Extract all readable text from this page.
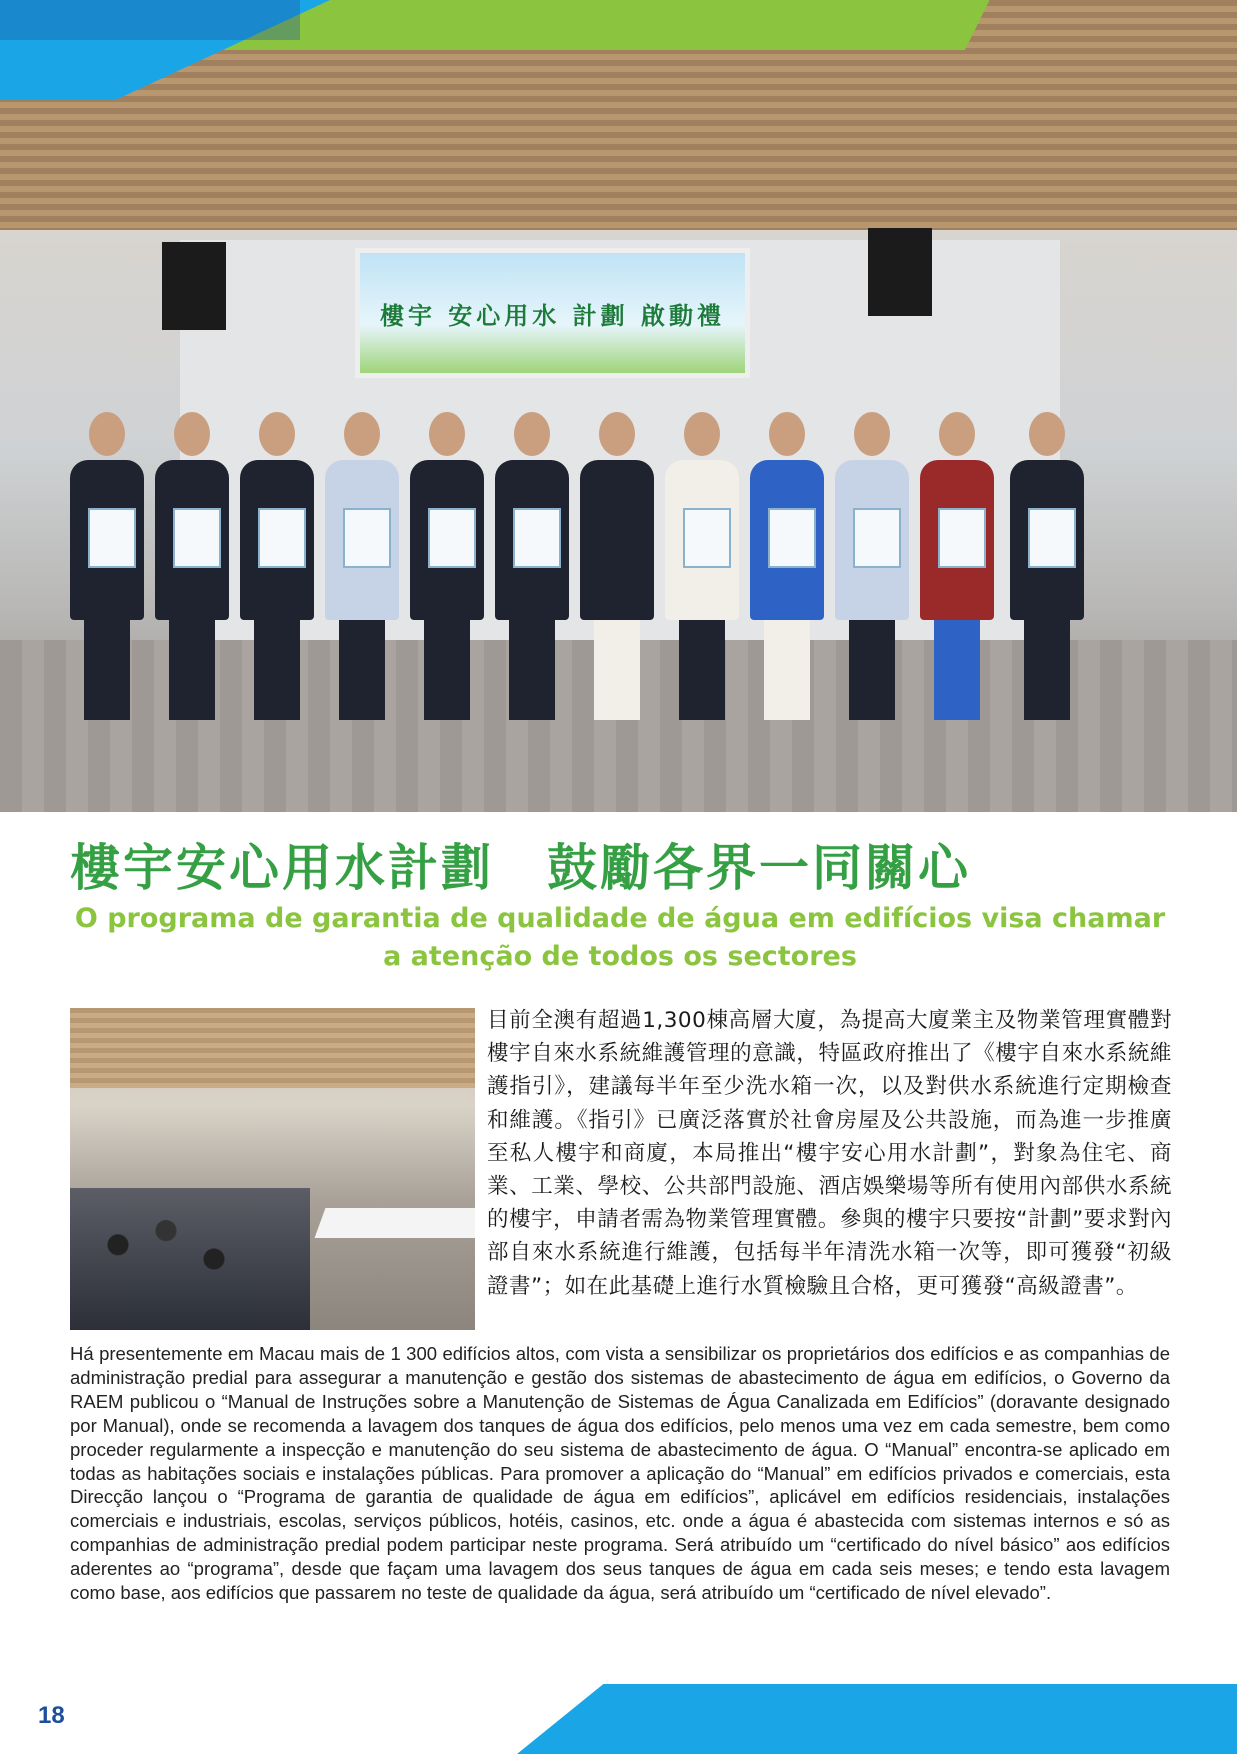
樓宇 安心用水 計劃 啟動禮
樓宇安心用水計劃　鼓勵各界一同關心
O programa de garantia de qualidade de água em edifícios visa chamar a atenção de todos os sectores
目前全澳有超過1,300棟高層大廈，為提高大廈業主及物業管理實體對樓宇自來水系統維護管理的意識，特區政府推出了《樓宇自來水系統維護指引》，建議每半年至少洗水箱一次，以及對供水系統進行定期檢查和維護。《指引》已廣泛落實於社會房屋及公共設施，而為進一步推廣至私人樓宇和商廈，本局推出“樓宇安心用水計劃”，對象為住宅、商業、工業、學校、公共部門設施、酒店娛樂場等所有使用內部供水系統的樓宇，申請者需為物業管理實體。參與的樓宇只要按“計劃”要求對內部自來水系統進行維護，包括每半年清洗水箱一次等，即可獲發“初級證書”；如在此基礎上進行水質檢驗且合格，更可獲發“高級證書”。
Há presentemente em Macau mais de 1 300 edifícios altos, com vista a sensibilizar os proprietários dos edifícios e as companhias de administração predial para assegurar a manutenção e gestão dos sistemas de abastecimento de água em edifícios, o Governo da RAEM publicou o “Manual de Instruções sobre a Manutenção de Sistemas de Água Canalizada em Edifícios” (doravante designado por Manual), onde se recomenda a lavagem dos tanques de água dos edifícios, pelo menos uma vez em cada semestre, bem como proceder regularmente a inspecção e manutenção do seu sistema de abastecimento de água. O “Manual” encontra-se aplicado em todas as habitações sociais e instalações públicas. Para promover a aplicação do “Manual” em edifícios privados e comerciais, esta Direcção lançou o “Programa de garantia de qualidade de água em edifícios”, aplicável em edifícios residenciais, instalações comerciais e industriais, escolas, serviços públicos, hotéis, casinos, etc. onde a água é abastecida com sistemas internos e só as companhias de administração predial podem participar neste programa. Será atribuído um “certificado do nível básico” aos edifícios aderentes ao “programa”, desde que façam uma lavagem dos seus tanques de água em cada seis meses; e tendo esta lavagem como base, aos edifícios que passarem no teste de qualidade da água, será atribuído um “certificado de nível elevado”.
18
